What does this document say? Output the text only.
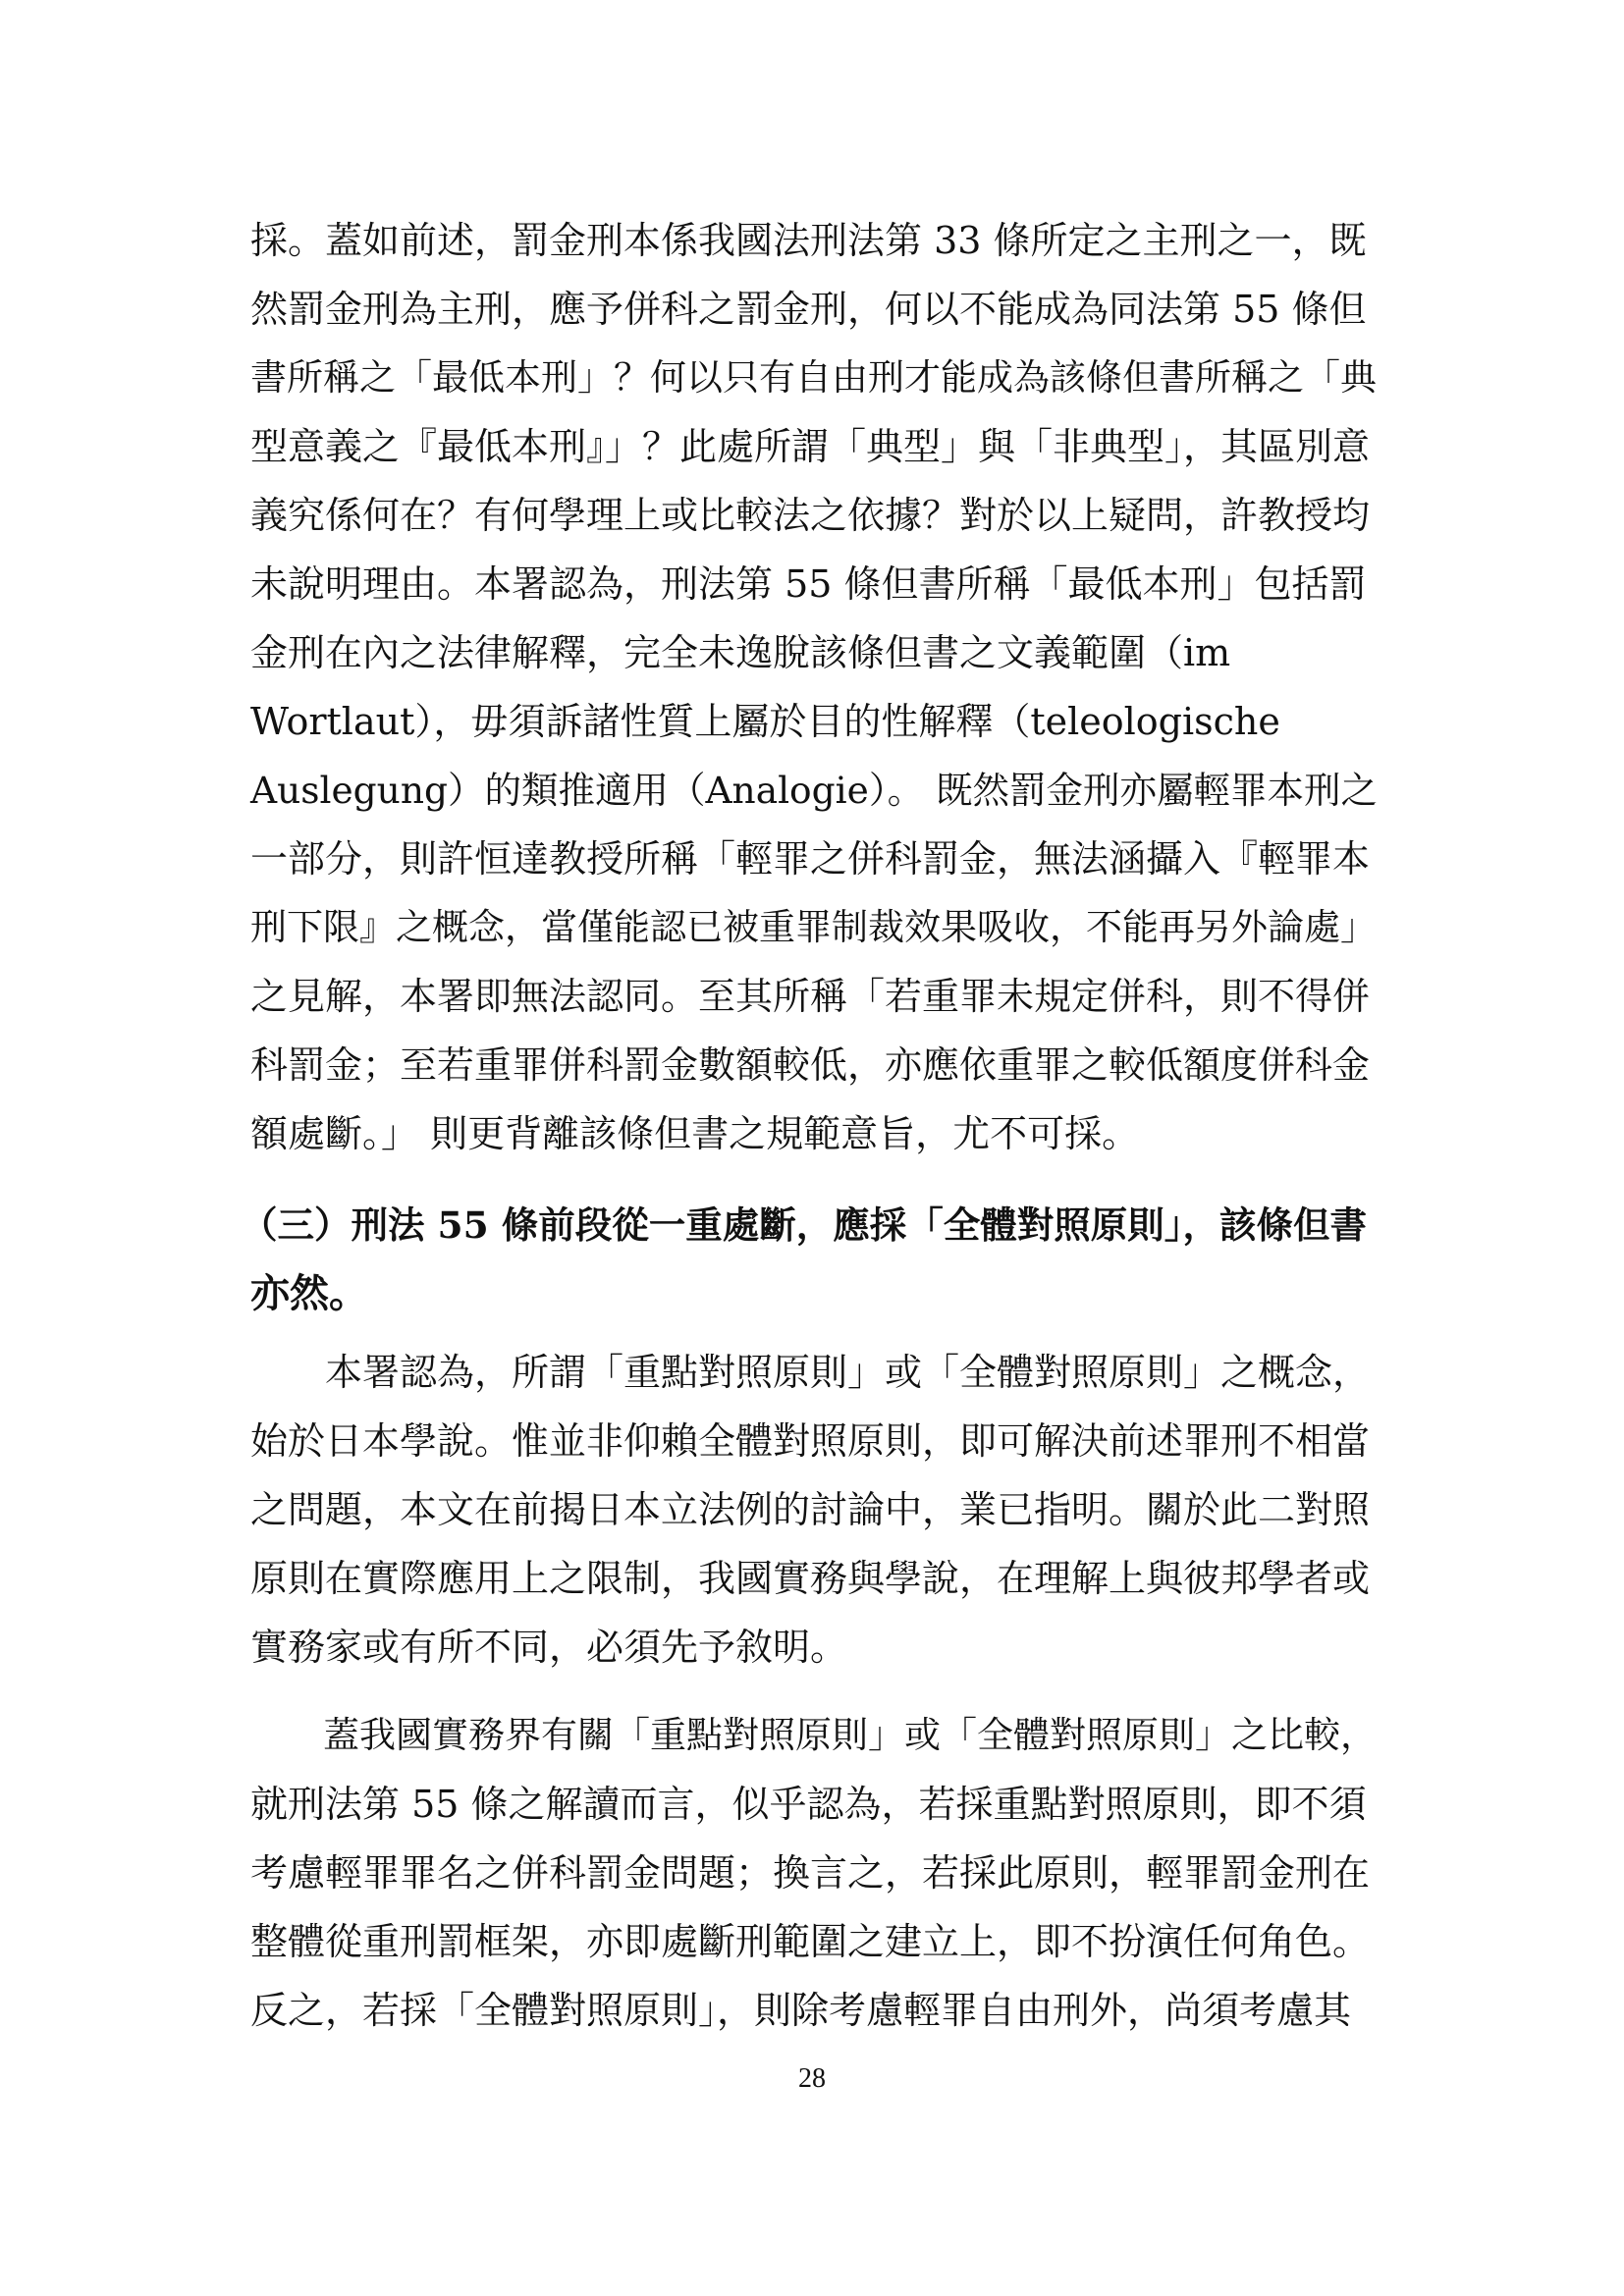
採。蓋如前述，罰金刑本係我國法刑法第 33 條所定之主刑之一，既
然罰金刑為主刑，應予併科之罰金刑，何以不能成為同法第 55 條但
書所稱之「最低本刑」？何以只有自由刑才能成為該條但書所稱之「典
型意義之『最低本刑』」？此處所謂「典型」與「非典型」，其區別意
義究係何在？有何學理上或比較法之依據？對於以上疑問，許教授均
未說明理由。本署認為，刑法第 55 條但書所稱「最低本刑」包括罰
金刑在內之法律解釋，完全未逸脫該條但書之文義範圍（im
Wortlaut），毋須訴諸性質上屬於目的性解釋（teleologische
Auslegung）的類推適用（Analogie）。 既然罰金刑亦屬輕罪本刑之
一部分，則許恒達教授所稱「輕罪之併科罰金，無法涵攝入『輕罪本
刑下限』之概念，當僅能認已被重罪制裁效果吸收，不能再另外論處」
之見解，本署即無法認同。至其所稱「若重罪未規定併科，則不得併
科罰金；至若重罪併科罰金數額較低，亦應依重罪之較低額度併科金
額處斷。」 則更背離該條但書之規範意旨，尤不可採。
（三）刑法 55 條前段從一重處斷，應採「全體對照原則」，該條但書
亦然。
　　本署認為，所謂「重點對照原則」或「全體對照原則」之概念，
始於日本學說。惟並非仰賴全體對照原則，即可解決前述罪刑不相當
之問題，本文在前揭日本立法例的討論中，業已指明。關於此二對照
原則在實際應用上之限制，我國實務與學說，在理解上與彼邦學者或
實務家或有所不同，必須先予敘明。
　　蓋我國實務界有關「重點對照原則」或「全體對照原則」之比較，
就刑法第 55 條之解讀而言，似乎認為，若採重點對照原則，即不須
考慮輕罪罪名之併科罰金問題；換言之，若採此原則，輕罪罰金刑在
整體從重刑罰框架，亦即處斷刑範圍之建立上，即不扮演任何角色。
反之，若採「全體對照原則」，則除考慮輕罪自由刑外，尚須考慮其
28
